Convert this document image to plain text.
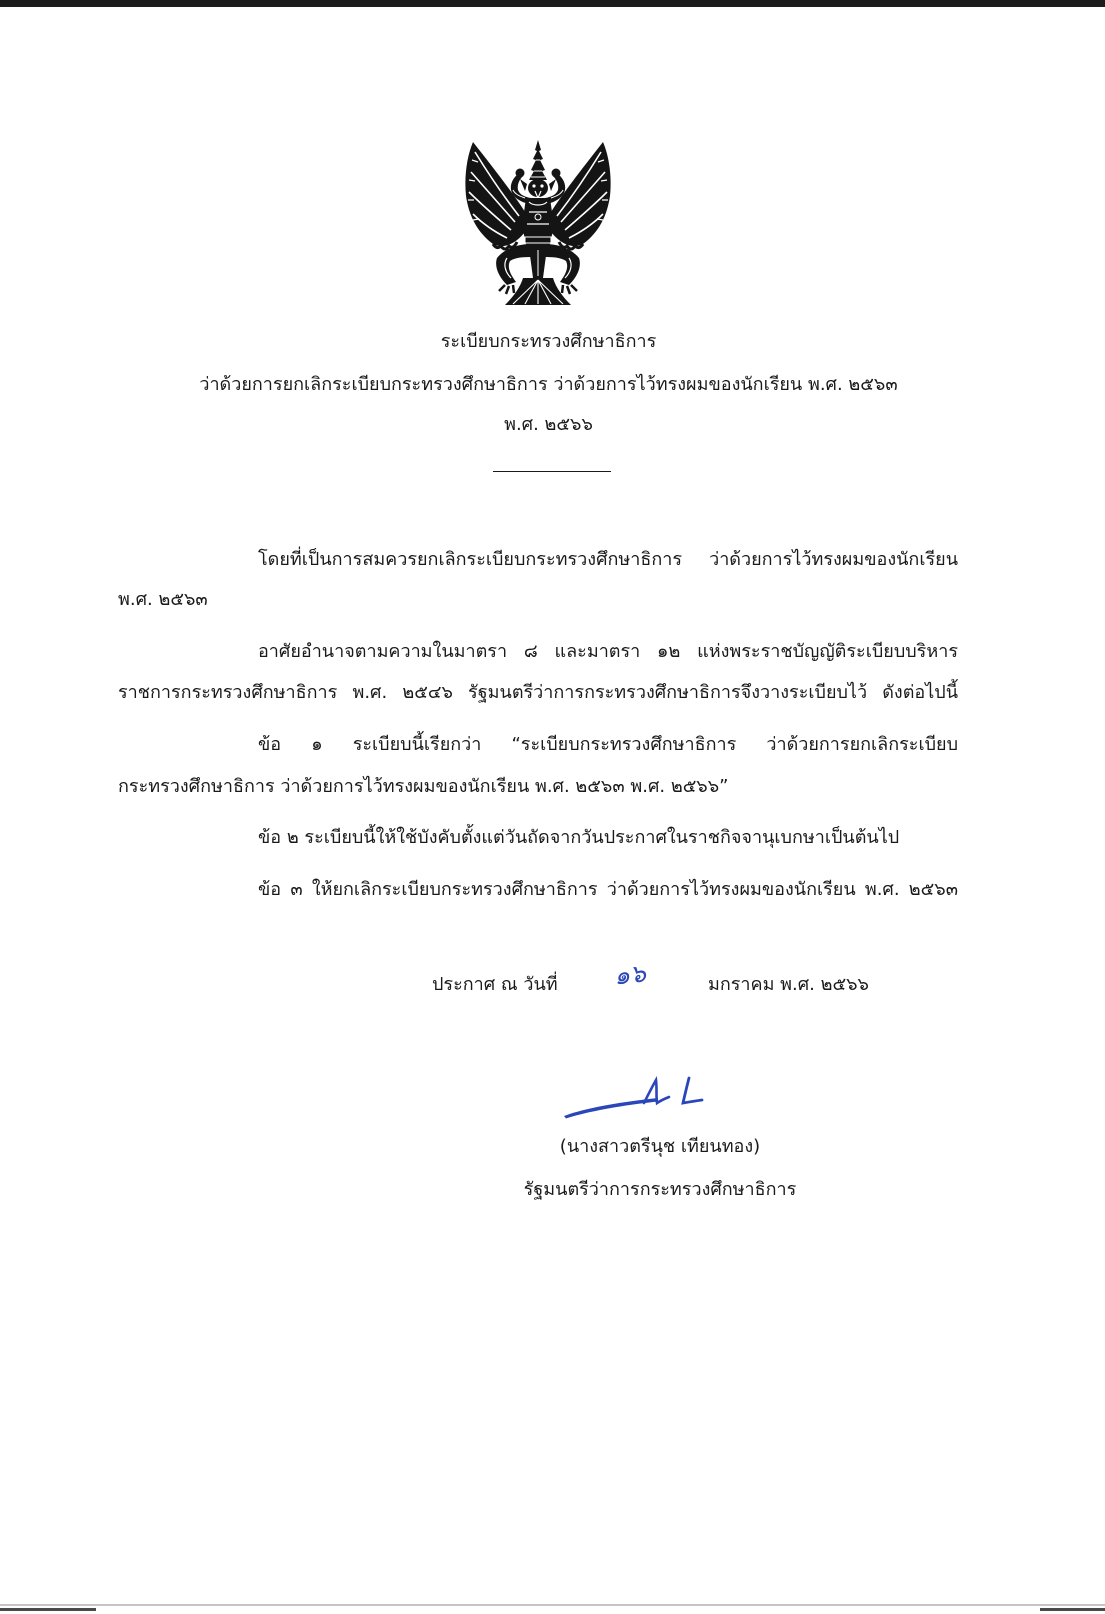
ระเบียบกระทรวงศึกษาธิการ
ว่าด้วยการยกเลิกระเบียบกระทรวงศึกษาธิการ ว่าด้วยการไว้ทรงผมของนักเรียน พ.ศ. ๒๕๖๓
พ.ศ. ๒๕๖๖
โดยที่เป็นการสมควรยกเลิกระเบียบกระทรวงศึกษาธิการ ว่าด้วยการไว้ทรงผมของนักเรียน
พ.ศ. ๒๕๖๓
อาศัยอำนาจตามความในมาตรา ๘ และมาตรา ๑๒ แห่งพระราชบัญญัติระเบียบบริหาร
ราชการกระทรวงศึกษาธิการ พ.ศ. ๒๕๔๖ รัฐมนตรีว่าการกระทรวงศึกษาธิการจึงวางระเบียบไว้ ดังต่อไปนี้
ข้อ ๑ ระเบียบนี้เรียกว่า “ระเบียบกระทรวงศึกษาธิการ ว่าด้วยการยกเลิกระเบียบ
กระทรวงศึกษาธิการ ว่าด้วยการไว้ทรงผมของนักเรียน พ.ศ. ๒๕๖๓ พ.ศ. ๒๕๖๖”
ข้อ ๒ ระเบียบนี้ให้ใช้บังคับตั้งแต่วันถัดจากวันประกาศในราชกิจจานุเบกษาเป็นต้นไป
ข้อ ๓ ให้ยกเลิกระเบียบกระทรวงศึกษาธิการ ว่าด้วยการไว้ทรงผมของนักเรียน พ.ศ. ๒๕๖๓
ประกาศ ณ วันที่ ๑๖	มกราคม พ.ศ. ๒๕๖๖
(นางสาวตรีนุช เทียนทอง)
รัฐมนตรีว่าการกระทรวงศึกษาธิการ
